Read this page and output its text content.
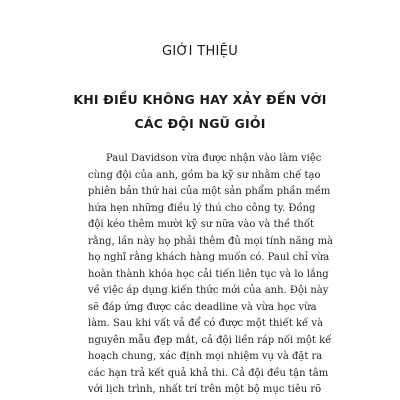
GIỚI THIỆU
KHI ĐIỀU KHÔNG HAY XẢY ĐẾN VỚI
CÁC ĐỘI NGŨ GIỎI
Paul Davidson vừa được nhận vào làm việc
cùng đội của anh, gồm ba kỹ sư nhằm chế tạo
phiên bản thứ hai của một sản phẩm phần mềm
hứa hẹn những điều lý thú cho công ty. Đồng
đội kéo thêm mười kỹ sư nữa vào và thề thốt
rằng, lần này họ phải thêm đủ mọi tính năng mà
họ nghĩ rằng khách hàng muốn có. Paul chỉ vừa
hoàn thành khóa học cải tiến liên tục và lo lắng
về việc áp dụng kiến thức mới của anh. Đội này
sẽ đáp ứng được các deadline và vừa học vừa
làm. Sau khi vất vả để có được một thiết kế và
nguyên mẫu đẹp mắt, cả đội liền ráp nối một kế
hoạch chung, xác định mọi nhiệm vụ và đặt ra
các hạn trả kết quả khả thi. Cả đội đều tận tâm
với lịch trình, nhất trí trên một bộ mục tiêu rõ
